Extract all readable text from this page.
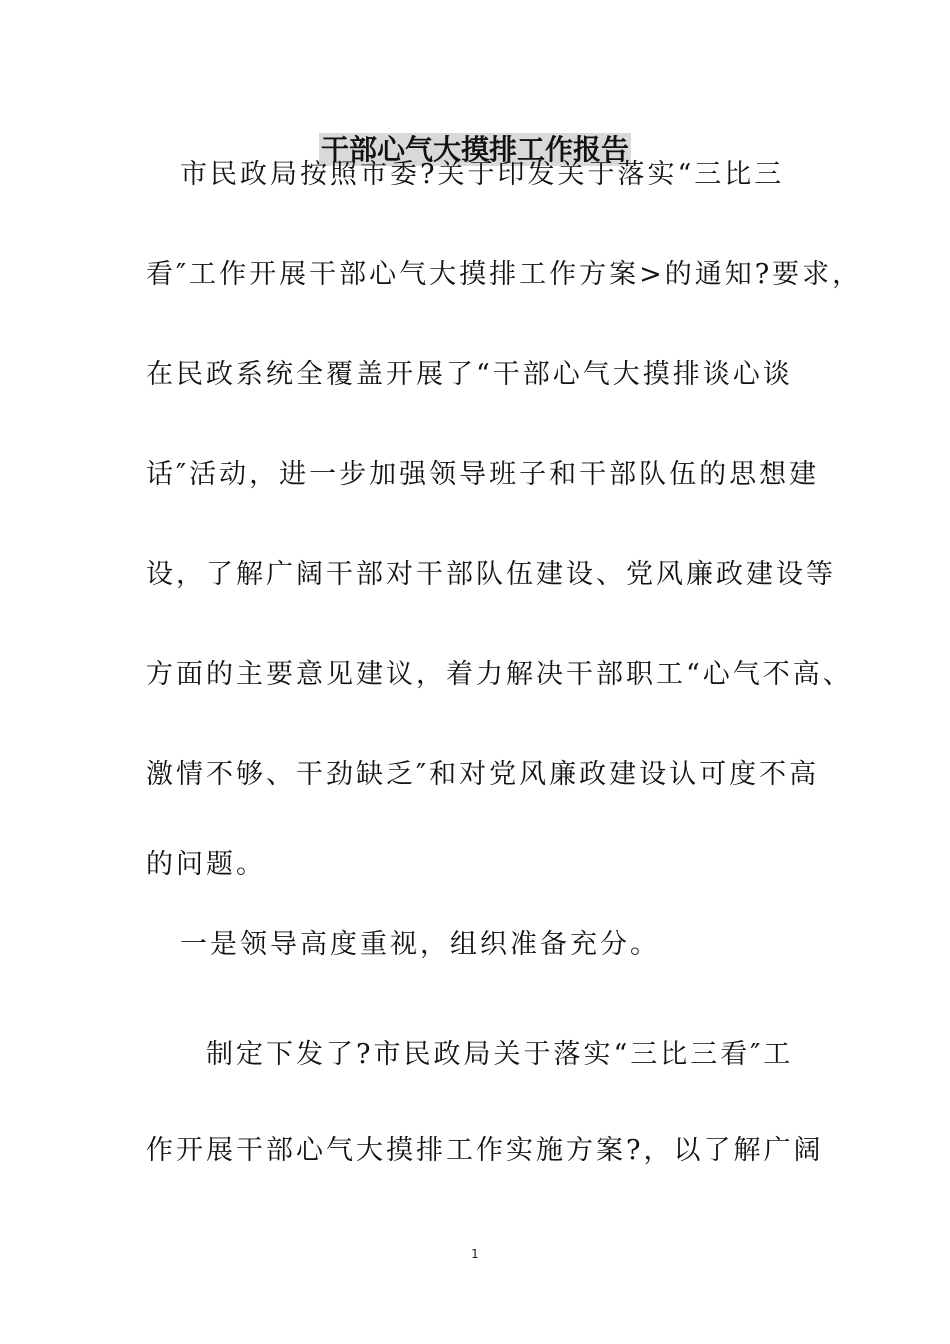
干部心气大摸排工作报告
市民政局按照市委?关于印发关于落实“三比三
看″工作开展干部心气大摸排工作方案>的通知?要求，
在民政系统全覆盖开展了“干部心气大摸排谈心谈
话″活动，进一步加强领导班子和干部队伍的思想建
设，了解广阔干部对干部队伍建设、党风廉政建设等
方面的主要意见建议，着力解决干部职工“心气不高、
激情不够、干劲缺乏″和对党风廉政建设认可度不高
的问题。
一是领导高度重视，组织准备充分。
制定下发了?市民政局关于落实“三比三看″工
作开展干部心气大摸排工作实施方案?，以了解广阔
1
